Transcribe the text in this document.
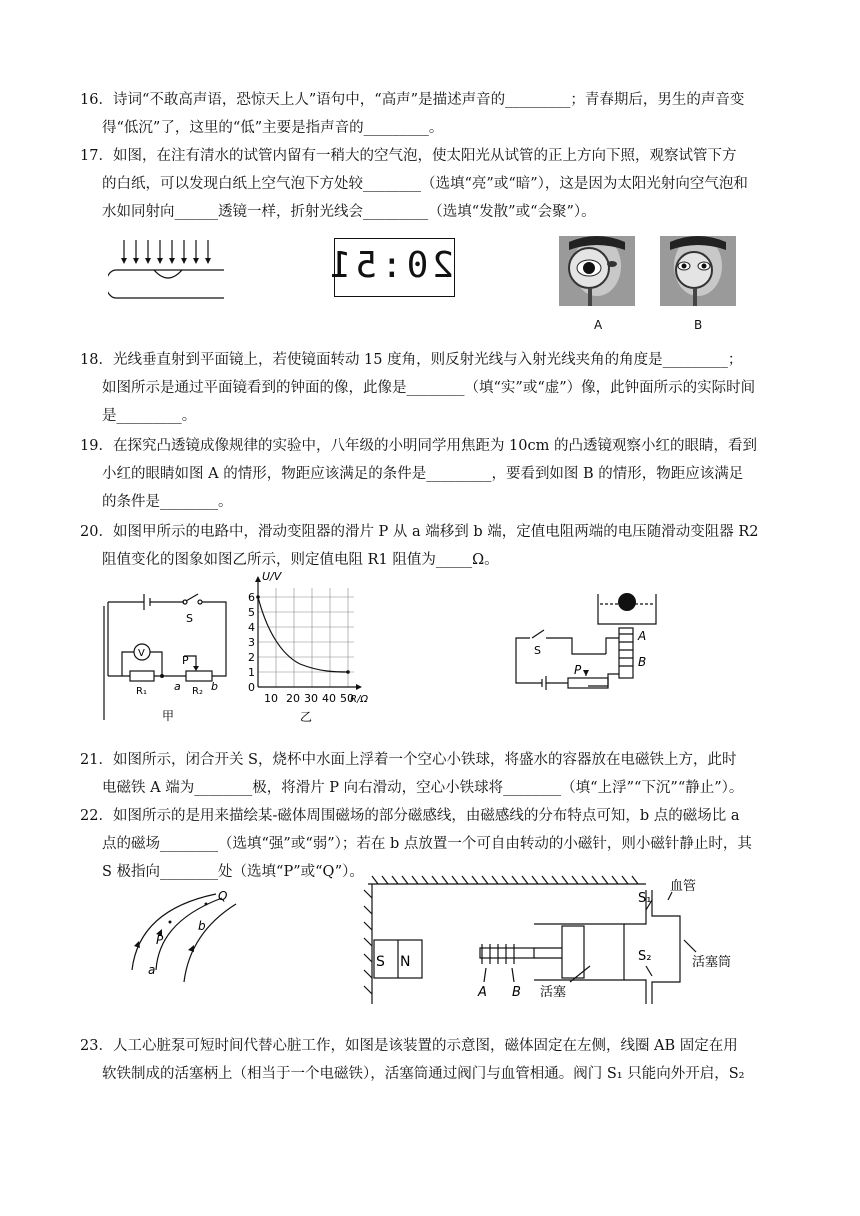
16．诗词“不敢高声语，恐惊天上人”语句中，“高声”是描述声音的_________；青春期后，男生的声音变

得“低沉”了，这里的“低”主要是指声音的_________。

17．如图，在注有清水的试管内留有一稍大的空气泡，使太阳光从试管的正上方向下照，观察试管下方

的白纸，可以发现白纸上空气泡下方处较________（选填“亮”或“暗”），这是因为太阳光射向空气泡和

水如同射向______透镜一样，折射光线会_________（选填“发散”或“会聚”）。

20:51
A	B

18．光线垂直射到平面镜上，若使镜面转动 15 度角，则反射光线与入射光线夹角的角度是_________；

如图所示是通过平面镜看到的钟面的像，此像是________（填“实”或“虚”）像，此钟面所示的实际时间

是_________。

19．在探究凸透镜成像规律的实验中，八年级的小明同学用焦距为 10cm 的凸透镜观察小红的眼睛，看到

小红的眼睛如图 A 的情形，物距应该满足的条件是_________，要看到如图 B 的情形，物距应该满足

的条件是________。

20．如图甲所示的电路中，滑动变阻器的滑片 P 从 a 端移到 b 端，定值电阻两端的电压随滑动变阻器 R2

阻值变化的图象如图乙所示，则定值电阻 R1 阻值为_____Ω。

S
V
P
R₁ a R₂ b
甲
U/V
0
1
2
3
4
5
6
10 20 30 40 50
R/Ω
乙
S
P
A
B

21．如图所示，闭合开关 S，烧杯中水面上浮着一个空心小铁球，将盛水的容器放在电磁铁上方，此时

电磁铁 A 端为________极，将滑片 P 向右滑动，空心小铁球将________（填“上浮”“下沉”“静止”）。

22．如图所示的是用来描绘某-磁体周围磁场的部分磁感线，由磁感线的分布特点可知，b 点的磁场比 a

点的磁场________（选填“强”或“弱”）；若在 b 点放置一个可自由转动的小磁针，则小磁针静止时，其

S 极指向________处（选填“P”或“Q”）。

Q
P
b
a	S N
A B
S₁
S₂
血管
活塞
活塞筒

23．人工心脏泵可短时间代替心脏工作，如图是该装置的示意图，磁体固定在左侧，线圈 AB 固定在用

软铁制成的活塞柄上（相当于一个电磁铁），活塞筒通过阀门与血管相通。阀门 S₁ 只能向外开启，S₂
